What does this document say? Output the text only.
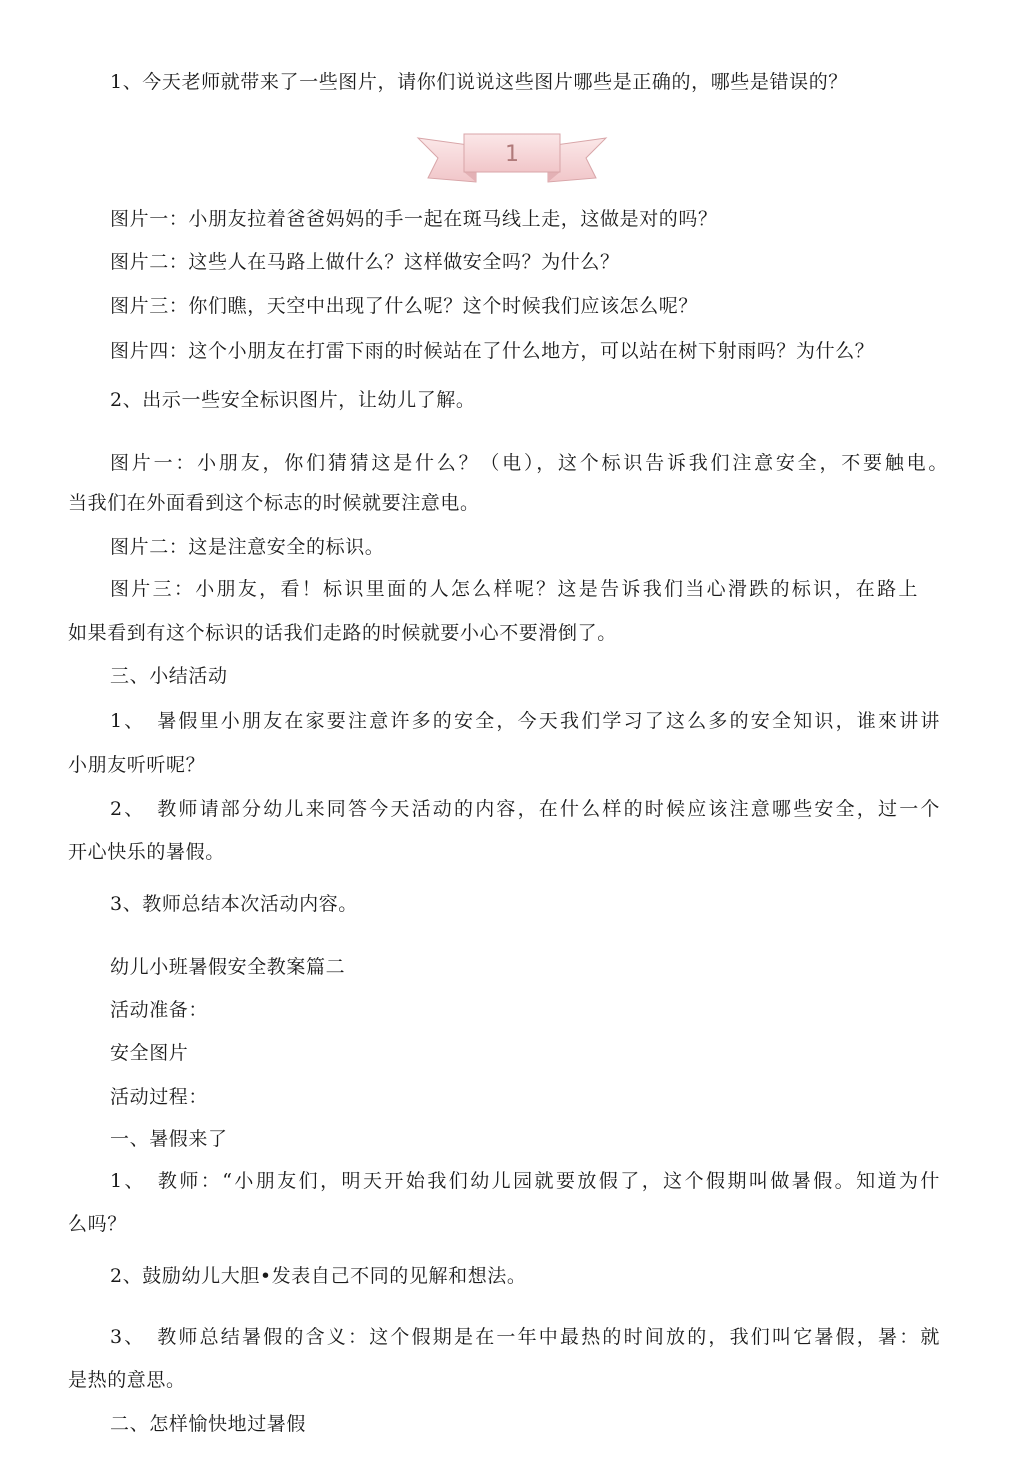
1、今天老师就带来了一些图片，请你们说说这些图片哪些是正确的，哪些是错误的？
1
图片一：小朋友拉着爸爸妈妈的手一起在斑马线上走，这做是对的吗？
图片二：这些人在马路上做什么？这样做安全吗？为什么？
图片三：你们瞧，天空中出现了什么呢？这个时候我们应该怎么呢？
图片四：这个小朋友在打雷下雨的时候站在了什么地方，可以站在树下射雨吗？为什么？
2、出示一些安全标识图片，让幼儿了解。
图片一：小朋友，你们猜猜这是什么？（电），这个标识告诉我们注意安全，不要触电。
当我们在外面看到这个标志的时候就要注意电。
图片二：这是注意安全的标识。
图片三：小朋友，看！标识里面的人怎么样呢？这是告诉我们当心滑跌的标识，在路上
如果看到有这个标识的话我们走路的时候就要小心不要滑倒了。
三、小结活动
1、　暑假里小朋友在家要注意许多的安全，今天我们学习了这么多的安全知识，谁來讲讲
小朋友听听呢？
2、　教师请部分幼儿来同答今天活动的内容，在什么样的时候应该注意哪些安全，过一个
开心快乐的暑假。
3、教师总结本次活动内容。
幼儿小班暑假安全教案篇二
活动准备：
安全图片
活动过程：
一、暑假来了
1、　教师：“小朋友们，明天开始我们幼儿园就要放假了，这个假期叫做暑假。知道为什
么吗？
2、鼓励幼儿大胆•发表自己不同的见解和想法。
3、　教师总结暑假的含义：这个假期是在一年中最热的时间放的，我们叫它暑假，暑：就
是热的意思。
二、怎样愉快地过暑假
